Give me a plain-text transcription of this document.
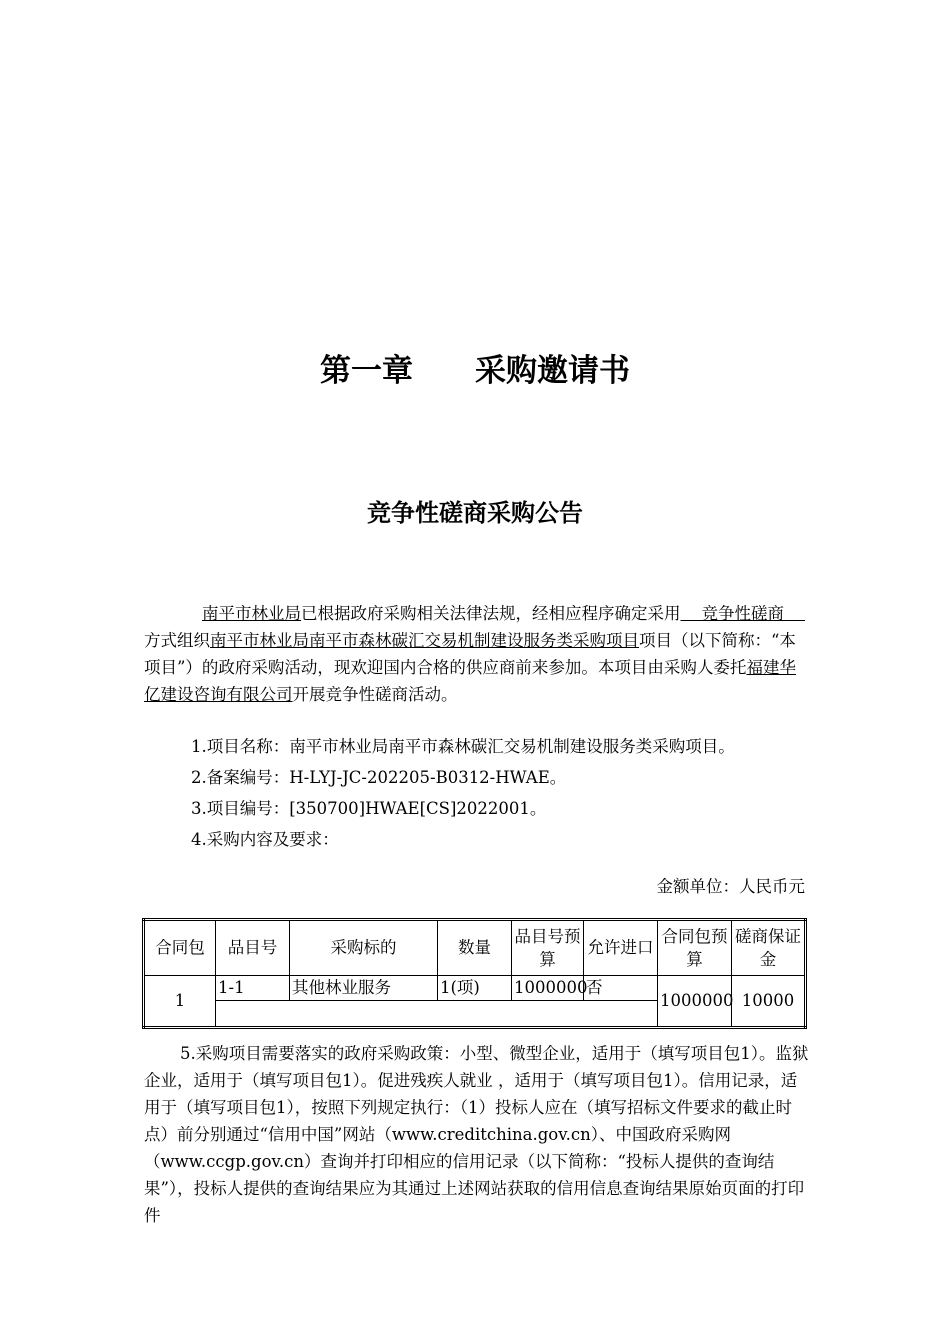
第一章 采购邀请书
竞争性磋商采购公告
南平市林业局已根据政府采购相关法律法规，经相应程序确定采用    竞争性磋商    方式组织南平市林业局南平市森林碳汇交易机制建设服务类采购项目项目（以下简称：“本项目”）的政府采购活动，现欢迎国内合格的供应商前来参加。本项目由采购人委托福建华亿建设咨询有限公司开展竞争性磋商活动。
1.项目名称：南平市林业局南平市森林碳汇交易机制建设服务类采购项目。
2.备案编号：H-LYJ-JC-202205-B0312-HWAE。
3.项目编号：[350700]HWAE[CS]2022001。
4.采购内容及要求：
金额单位：人民币元
合同包	品目号	采购标的	数量	品目号预算	允许进口	合同包预算	磋商保证金
1	1-1	其他林业服务	1(项)	1000000	否	1000000	10000

5.采购项目需要落实的政府采购政策：小型、微型企业，适用于（填写项目包1）。监狱企业，适用于（填写项目包1）。促进残疾人就业 ，适用于（填写项目包1）。信用记录，适用于（填写项目包1），按照下列规定执行：（1）投标人应在（填写招标文件要求的截止时点）前分别通过“信用中国”网站（www.creditchina.gov.cn）、中国政府采购网（www.ccgp.gov.cn）查询并打印相应的信用记录（以下简称：“投标人提供的查询结果”），投标人提供的查询结果应为其通过上述网站获取的信用信息查询结果原始页面的打印件
